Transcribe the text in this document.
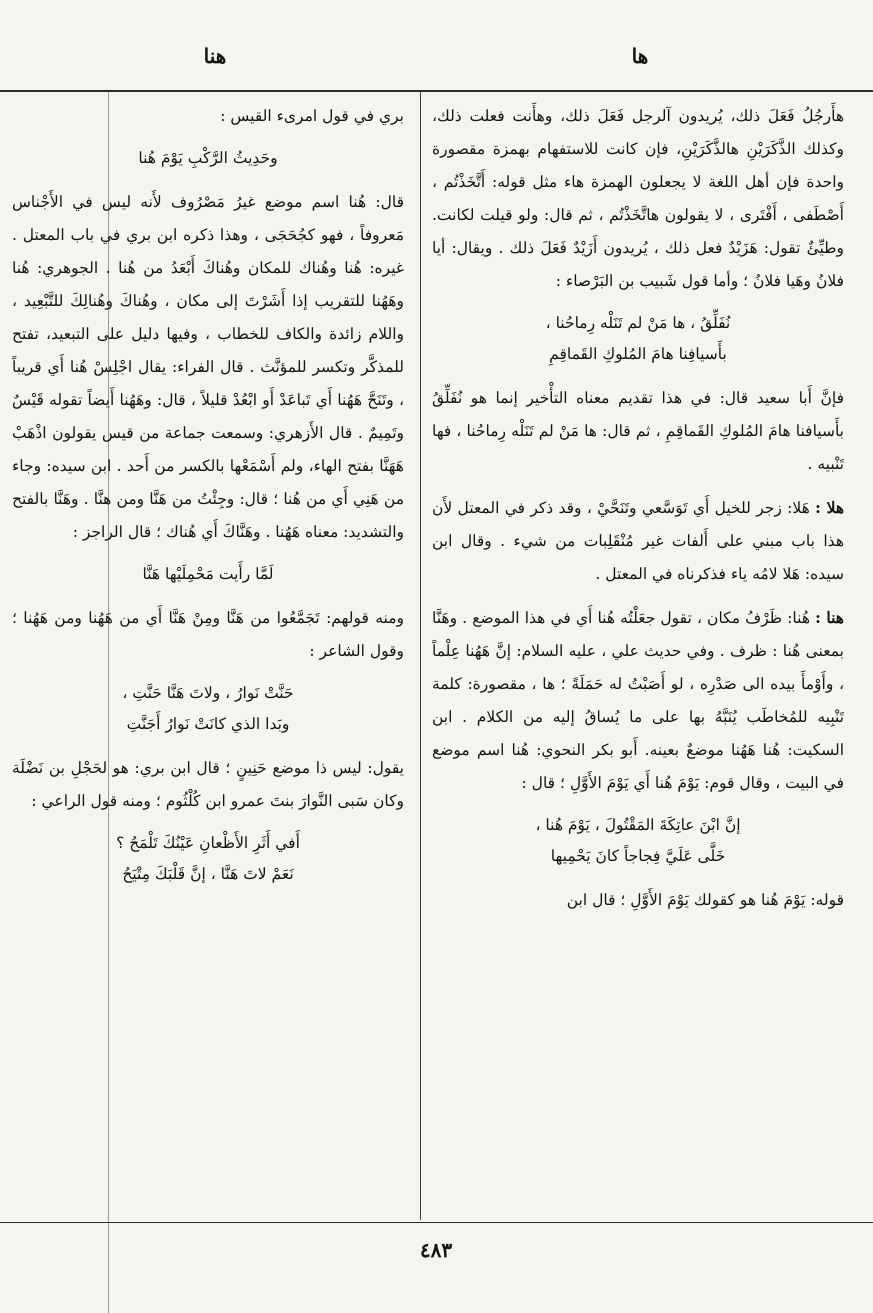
ها
هنا

هأَرجُلُ فَعَلَ ذلك، يُريدون آلرجل فَعَلَ ذلك، وهأَنت فعلت ذلك، وكذلك الذَّكَرَيْنِ هالذَّكَرَيْنِ، فإن كانت للاستفهام بهمزة مقصورة واحدة فإن أهل اللغة لا يجعلون الهمزة هاء مثل قوله: أَتَّخَذْتُم ، أَصْطَفى ، أَفْتَرى ، لا يقولون هاتَّخَذْتُم ، ثم قال: ولو قيلت لكانت. وطيِّئٌ تقول: هَزَيْدٌ فعل ذلك ، يُريدون أَزَيْدٌ فَعَلَ ذلك . ويقال: أيا فلانُ وهَيا فلانُ ؛ وأما قول شَبيب بن البَرْصاء :

نُفَلِّقُ ، ها مَنْ لم تَنَلْه رِماحُنا ،
بأَسيافِنا هامَ المُلوكِ القَماقِمِ

فإنَّ أَبا سعيد قال: في هذا تقديم معناه التأْخير إنما هو نُفَلِّقُ بأَسيافنا هامَ المُلوكِ القَماقِمِ ، ثم قال: ها مَنْ لم تَنَلْه رِماحُنا ، فها تَنْبيه .

هلا : هَلا: زجر للخيل أَي تَوَسَّعي وتَنَحَّيْ ، وقد ذكر في المعتل لأَن هذا باب مبني على أَلفات غير مُنْقَلِبات من شيء . وقال ابن سيده: هَلا لامُه ياء فذكرناه في المعتل .

هنا : هُنا: ظَرْفُ مكان ، تقول جعَلْتُه هُنا أَي في هذا الموضع . وهَنَّا بمعنى هُنا : ظرف . وفي حديث علي ، عليه السلام: إنَّ هَهُنا عِلْماً ، وأَوْمأَ بيده الى صَدْرِه ، لو أَصَبْتُ له حَمَلَةً ؛ ها ، مقصورة: كلمة تَنْبِيه للمُخاطَب يُنَبَّهُ بها على ما يُساقُ إليه من الكلام . ابن السكيت: هُنا هَهُنا موضعٌ بعينه. أَبو بكر النحوي: هُنا اسم موضع في البيت ، وقال قوم: يَوْمَ هُنا أَي يَوْمَ الأَوَّلِ ؛ قال :

إنَّ ابْنَ عاتِكَةَ المَقْتُولَ ، يَوْمَ هُنا ،
خَلَّى عَلَيَّ فِجاجاً كانَ يَحْمِيها

قوله: يَوْمَ هُنا هو كقولك يَوْمَ الأَوَّلِ ؛ قال ابن

بري في قول امرىء القيس :

وحَدِيثُ الرَّكْبِ يَوْمَ هُنا

قال: هُنا اسم موضع غيرُ مَصْرُوف لأَنه ليس في الأَجْناس مَعروفاً ، فهو كجُحَجَى ، وهذا ذكره ابن بري في باب المعتل . غيره: هُنا وهُناك للمكان وهُناكَ أَبْعَدُ من هُنا . الجوهري: هُنا وهَهُنا للتقريب إذا أَشَرْتَ إلى مكان ، وهُناكَ وهُنالِكَ للتَّبْعِيد ، واللام زائدة والكاف للخطاب ، وفيها دليل على التبعيد، تفتح للمذكَّر وتكسر للمؤنَّث . قال الفراء: يقال اجْلِسْ هُنا أَي قريباً ، وتَنَحَّ هَهُنا أَي تَباعَدْ أَو ابْعُدْ قليلاً ، قال: وهَهُنا أَيضاً تقوله قَيْسٌ وتَمِيمٌ . قال الأَزهري: وسمعت جماعة من قيس يقولون اذْهَبْ هَهَنَّا بفتح الهاء، ولم أَسْمَعْها بالكسر من أَحد . ابن سيده: وجاء من هَنِي أَي من هُنا ؛ قال: وجِئْتُ من هَنَّا ومن هنَّا . وهَنَّا بالفتح والتشديد: معناه هَهُنا . وهَنَّاكَ أَي هُناك ؛ قال الراجز :

لَمَّا رأَيت مَحْمِلَيْها هَنَّا

ومنه قولهم: تَجَمَّعُوا من هَنَّا ومِنْ هَنَّا أَي من هَهُنا ومن هَهُنا ؛ وقول الشاعر :

حَنَّتْ نَوارُ ، ولاتَ هَنَّا حَنَّتِ ،
وبَدا الذي كانَتْ نَوارُ أَجَنَّتِ

يقول: ليس ذا موضع حَنِينٍ ؛ قال ابن بري: هو لحَجْلِ بن نَضْلَة وكان سَبى النَّوارَ بنتَ عمرو ابن كُلْثُوم ؛ ومنه قول الراعي :

أَفي أَثَرِ الأَظْعانِ عَيْنُكَ تَلْمَحُ ؟
نَعَمْ لاتَ هَنَّا ، إنَّ قَلْبَكَ مِتْيَحُ
٤٨٣
